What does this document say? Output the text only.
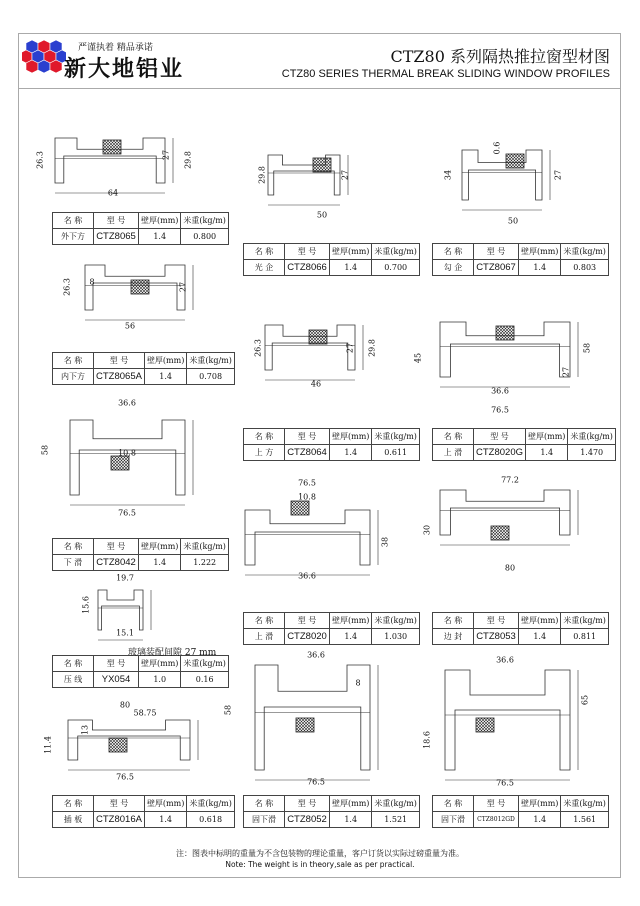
严谨执着 精品承诺
新大地铝业	CTZ80 系列隔热推拉窗型材图
CTZ80 SERIES THERMAL BREAK SLIDING WINDOW PROFILES
26.3	27 29.8
64
名 称	型 号	壁厚(mm)	米重(kg/m)
外下方	CTZ8065	1.4	0.800
29.8	27
50
名 称	型 号	壁厚(mm)	米重(kg/m)
光 企	CTZ8066	1.4	0.700
34
0.6
27
50
名 称	型 号	壁厚(mm)	米重(kg/m)
勾 企	CTZ8067	1.4	0.803
8
26.3	27
56
名 称	型 号	壁厚(mm)	米重(kg/m)
内下方	CTZ8065A	1.4	0.708
26.3	27 29.8
46
名 称	型 号	壁厚(mm)	米重(kg/m)
上 方	CTZ8064	1.4	0.611
45
58
27
36.6
76.5
名 称	型 号	壁厚(mm)	米重(kg/m)
上 滑	CTZ8020G	1.4	1.470
36.6
58	10.8
76.5
名 称	型 号	壁厚(mm)	米重(kg/m)
下 滑	CTZ8042	1.4	1.222
76.5
10.8
38
36.6
名 称	型 号	壁厚(mm)	米重(kg/m)
上 滑	CTZ8020	1.4	1.030
77.2
30
80
名 称	型 号	壁厚(mm)	米重(kg/m)
边 封	CTZ8053	1.4	0.811
19.7
15.6
15.1
名 称	型 号	壁厚(mm)	米重(kg/m)
压 线	YX054	1.0	0.16
80
58.75
13
11.4
76.5
名 称	型 号	壁厚(mm)	米重(kg/m)
插 板	CTZ8016A	1.4	0.618
36.6
8
58
76.5
名 称	型 号	壁厚(mm)	米重(kg/m)
固下滑	CTZ8052	1.4	1.521
36.6
65
18.6
76.5
名 称	型 号	壁厚(mm)	米重(kg/m)
固下滑	CTZ8012GD	1.4	1.561
玻璃装配间隙 27 mm
注：图表中标明的重量为不含包装物的理论重量，客户订货以实际过磅重量为准。
Note: The weight is in theory,sale as per practical.
